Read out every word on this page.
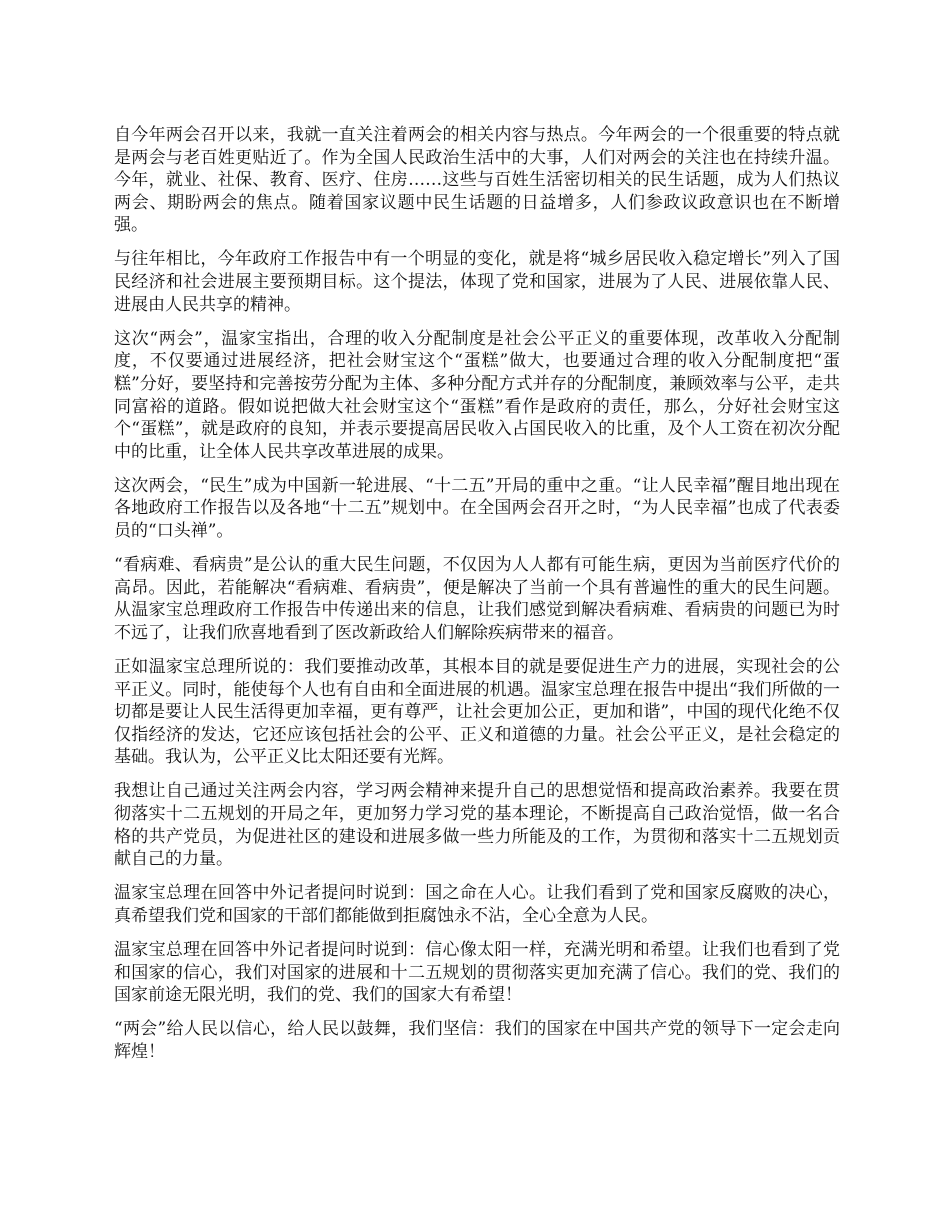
自今年两会召开以来，我就一直关注着两会的相关内容与热点。今年两会的一个很重要的特点就是两会与老百姓更贴近了。作为全国人民政治生活中的大事，人们对两会的关注也在持续升温。今年，就业、社保、教育、医疗、住房……这些与百姓生活密切相关的民生话题，成为人们热议两会、期盼两会的焦点。随着国家议题中民生话题的日益增多，人们参政议政意识也在不断增强。

与往年相比，今年政府工作报告中有一个明显的变化，就是将“城乡居民收入稳定增长”列入了国民经济和社会进展主要预期目标。这个提法，体现了党和国家，进展为了人民、进展依靠人民、进展由人民共享的精神。

这次“两会”，温家宝指出，合理的收入分配制度是社会公平正义的重要体现，改革收入分配制度，不仅要通过进展经济，把社会财宝这个“蛋糕”做大，也要通过合理的收入分配制度把“蛋糕”分好，要坚持和完善按劳分配为主体、多种分配方式并存的分配制度，兼顾效率与公平，走共同富裕的道路。假如说把做大社会财宝这个“蛋糕”看作是政府的责任，那么，分好社会财宝这个“蛋糕”，就是政府的良知，并表示要提高居民收入占国民收入的比重，及个人工资在初次分配中的比重，让全体人民共享改革进展的成果。

这次两会，“民生”成为中国新一轮进展、“十二五”开局的重中之重。“让人民幸福”醒目地出现在各地政府工作报告以及各地“十二五”规划中。在全国两会召开之时，“为人民幸福”也成了代表委员的“口头禅”。

“看病难、看病贵”是公认的重大民生问题，不仅因为人人都有可能生病，更因为当前医疗代价的高昂。因此，若能解决“看病难、看病贵”，便是解决了当前一个具有普遍性的重大的民生问题。从温家宝总理政府工作报告中传递出来的信息，让我们感觉到解决看病难、看病贵的问题已为时不远了，让我们欣喜地看到了医改新政给人们解除疾病带来的福音。

正如温家宝总理所说的：我们要推动改革，其根本目的就是要促进生产力的进展，实现社会的公平正义。同时，能使每个人也有自由和全面进展的机遇。温家宝总理在报告中提出“我们所做的一切都是要让人民生活得更加幸福，更有尊严，让社会更加公正，更加和谐”，中国的现代化绝不仅仅指经济的发达，它还应该包括社会的公平、正义和道德的力量。社会公平正义，是社会稳定的基础。我认为，公平正义比太阳还要有光辉。

我想让自己通过关注两会内容，学习两会精神来提升自己的思想觉悟和提高政治素养。我要在贯彻落实十二五规划的开局之年，更加努力学习党的基本理论，不断提高自己政治觉悟，做一名合格的共产党员，为促进社区的建设和进展多做一些力所能及的工作，为贯彻和落实十二五规划贡献自己的力量。

温家宝总理在回答中外记者提问时说到：国之命在人心。让我们看到了党和国家反腐败的决心，真希望我们党和国家的干部们都能做到拒腐蚀永不沾，全心全意为人民。

温家宝总理在回答中外记者提问时说到：信心像太阳一样，充满光明和希望。让我们也看到了党和国家的信心，我们对国家的进展和十二五规划的贯彻落实更加充满了信心。我们的党、我们的国家前途无限光明，我们的党、我们的国家大有希望！

“两会”给人民以信心，给人民以鼓舞，我们坚信：我们的国家在中国共产党的领导下一定会走向辉煌！
